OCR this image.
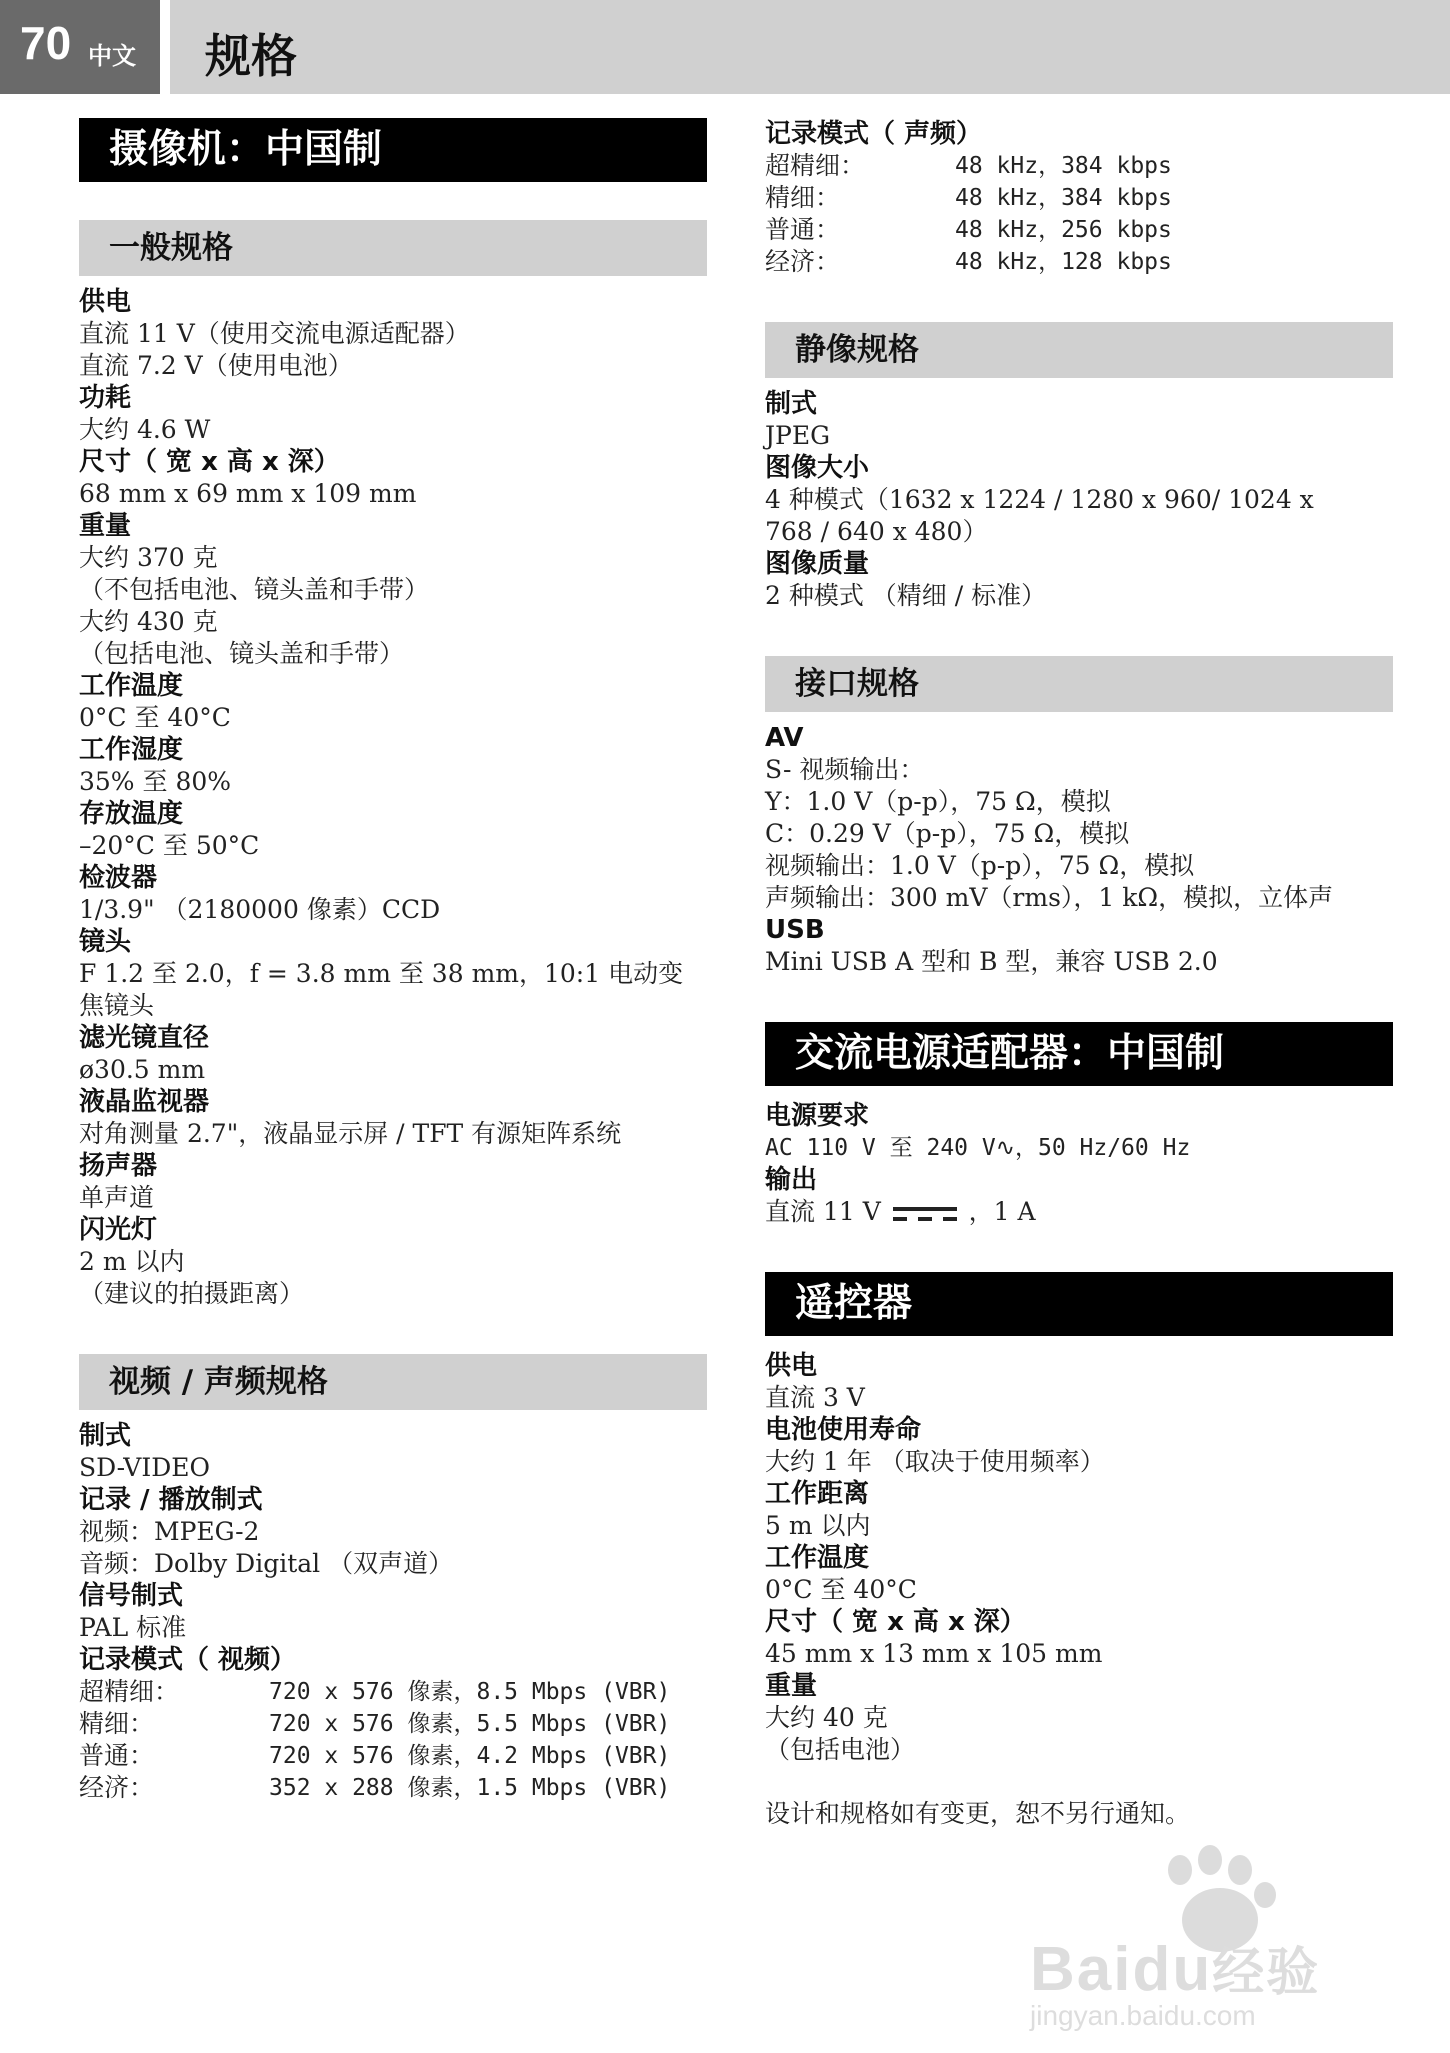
70 中文 规格
摄像机：中国制
一般规格
供电
直流 11 V（使用交流电源适配器）
直流 7.2 V（使用电池）
功耗
大约 4.6 W
尺寸（ 宽 x 高 x 深）
68 mm x 69 mm x 109 mm
重量
大约 370 克
（不包括电池、镜头盖和手带）
大约 430 克
（包括电池、镜头盖和手带）
工作温度
0°C 至 40°C
工作湿度
35% 至 80%
存放温度
–20°C 至 50°C
检波器
1/3.9" （2180000 像素）CCD
镜头
F 1.2 至 2.0，f = 3.8 mm 至 38 mm，10:1 电动变
焦镜头
滤光镜直径
ø30.5 mm
液晶监视器
对角测量 2.7"，液晶显示屏 / TFT 有源矩阵系统
扬声器
单声道
闪光灯
2 m 以内
（建议的拍摄距离）
视频 / 声频规格
制式
SD-VIDEO
记录 / 播放制式
视频：MPEG-2
音频：Dolby Digital （双声道）
信号制式
PAL 标准
记录模式（ 视频）
超精细：	720 x 576 像素，8.5 Mbps (VBR)
精细：	720 x 576 像素，5.5 Mbps (VBR)
普通：	720 x 576 像素，4.2 Mbps (VBR)
经济：	352 x 288 像素，1.5 Mbps (VBR)
记录模式（ 声频）
超精细：	48 kHz，384 kbps
精细：	48 kHz，384 kbps
普通：	48 kHz，256 kbps
经济：	48 kHz，128 kbps
静像规格
制式
JPEG
图像大小
4 种模式（1632 x 1224 / 1280 x 960/ 1024 x
768 / 640 x 480）
图像质量
2 种模式 （精细 / 标准）
接口规格
AV
S- 视频输出：
Y：1.0 V（p-p），75 Ω，模拟
C：0.29 V（p-p），75 Ω，模拟
视频输出：1.0 V（p-p），75 Ω，模拟
声频输出：300 mV（rms），1 kΩ，模拟，立体声
USB
Mini USB A 型和 B 型，兼容 USB 2.0
交流电源适配器：中国制
电源要求
AC 110 V 至 240 V∿，50 Hz/60 Hz
输出
直流 11 V	，1 A
遥控器
供电
直流 3 V
电池使用寿命
大约 1 年 （取决于使用频率）
工作距离
5 m 以内
工作温度
0°C 至 40°C
尺寸（ 宽 x 高 x 深）
45 mm x 13 mm x 105 mm
重量
大约 40 克
（包括电池）
设计和规格如有变更，恕不另行通知。
Baidu经验
jingyan.baidu.com
